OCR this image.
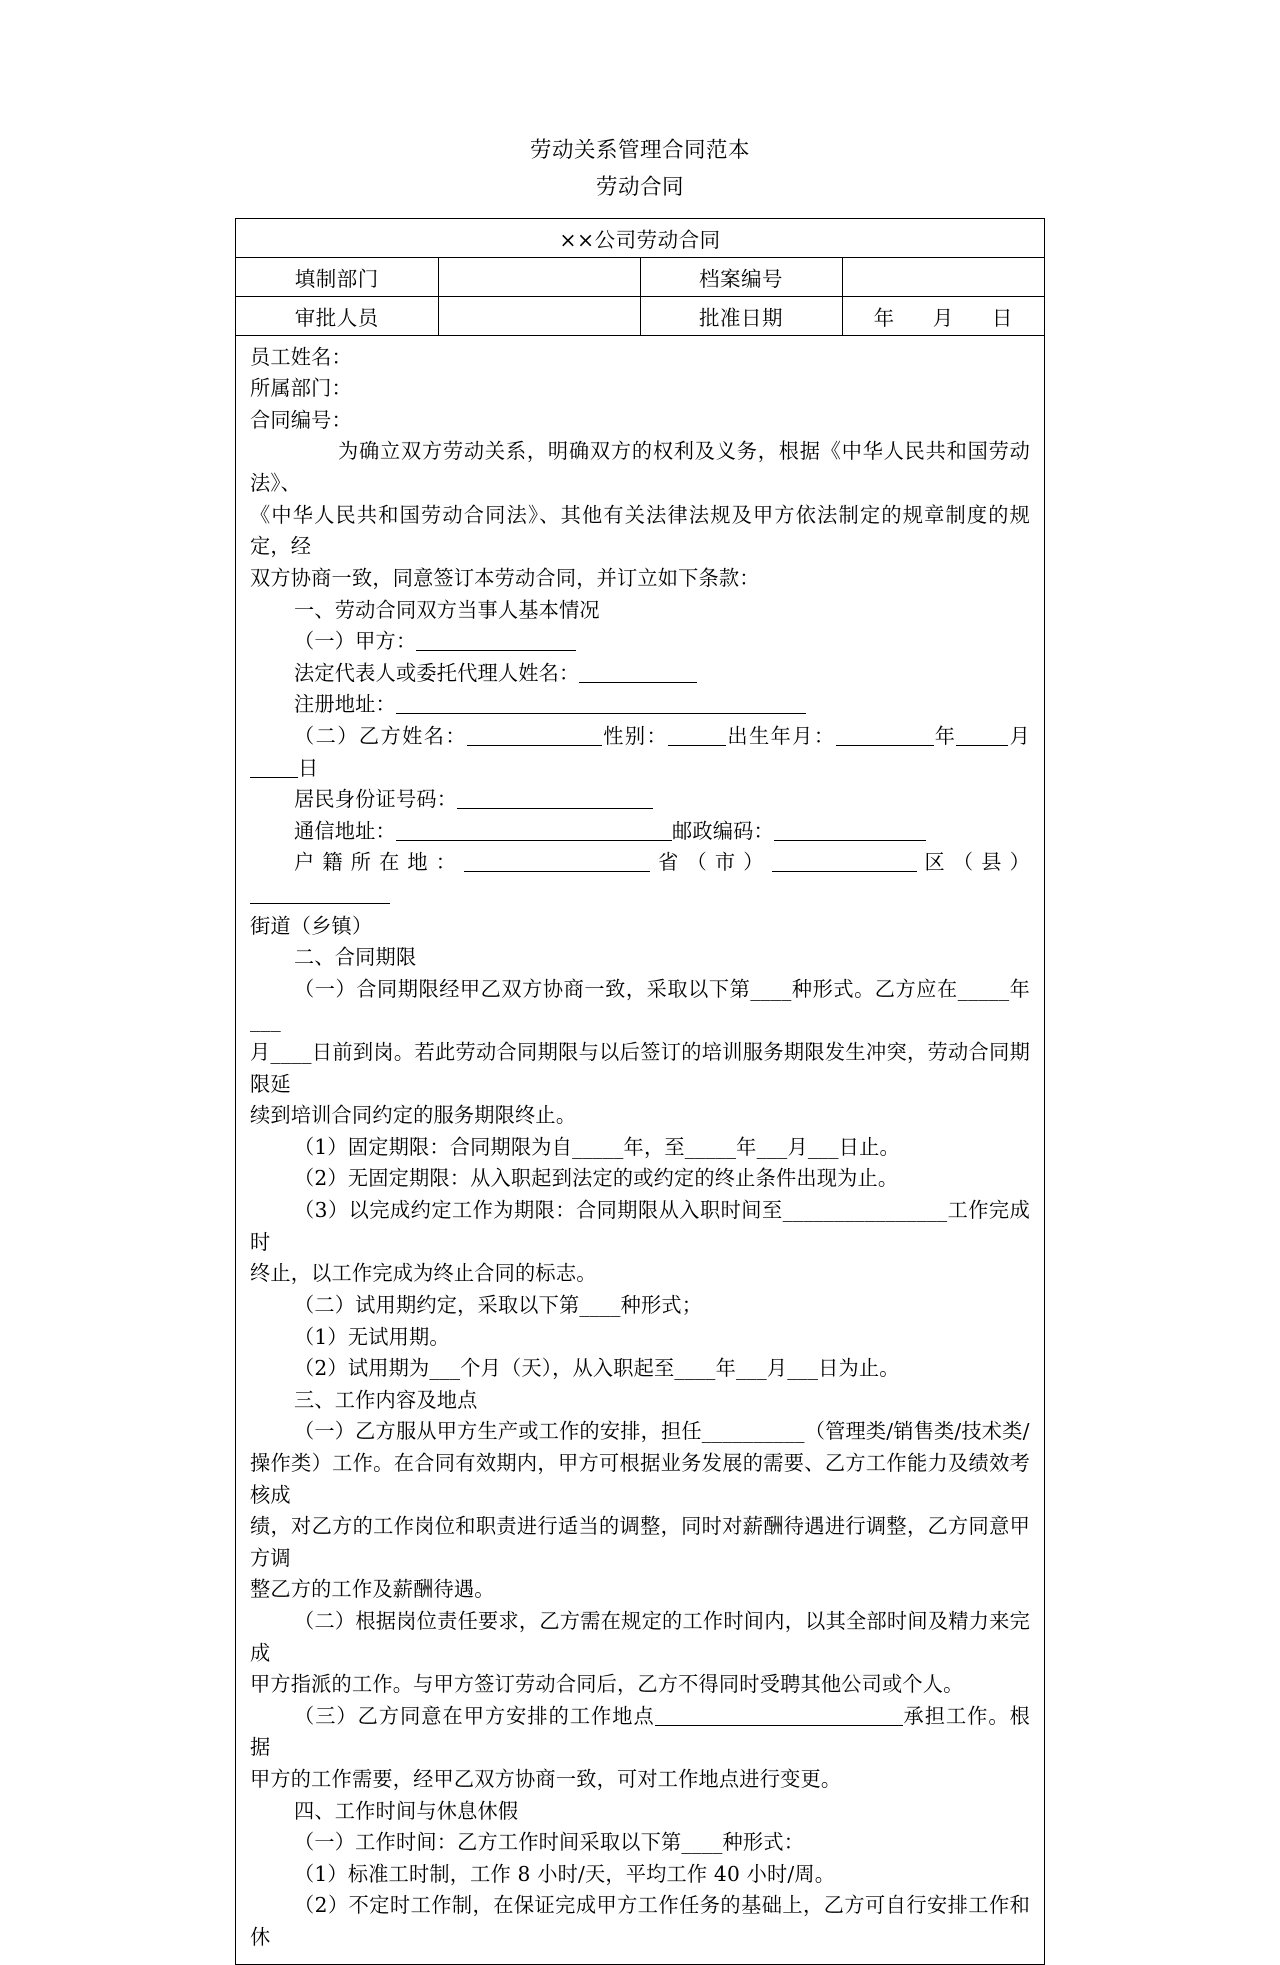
劳动关系管理合同范本
劳动合同
××公司劳动合同			
填制部门		档案编号	
审批人员		批准日期	年 月 日

员工姓名：

所属部门：

合同编号：

为确立双方劳动关系，明确双方的权利及义务，根据《中华人民共和国劳动法》、

《中华人民共和国劳动合同法》、其他有关法律法规及甲方依法制定的规章制度的规定，经

双方协商一致，同意签订本劳动合同，并订立如下条款：

一、劳动合同双方当事人基本情况

（一）甲方：

法定代表人或委托代理人姓名：

注册地址：

（二）乙方姓名：	性别：	出生年月：	年	月日

居民身份证号码：

通信地址：	邮政编码：

户籍所在地：	省（市）	区（县）

街道（乡镇）

二、合同期限

（一）合同期限经甲乙双方协商一致，采取以下第____种形式。乙方应在_____年___

月____日前到岗。若此劳动合同期限与以后签订的培训服务期限发生冲突，劳动合同期限延

续到培训合同约定的服务期限终止。

（1）固定期限：合同期限为自_____年，至_____年___月___日止。

（2）无固定期限：从入职起到法定的或约定的终止条件出现为止。

（3）以完成约定工作为期限：合同期限从入职时间至________________工作完成时

终止，以工作完成为终止合同的标志。

（二）试用期约定，采取以下第____种形式；

（1）无试用期。

（2）试用期为___个月（天），从入职起至____年___月___日为止。

三、工作内容及地点

（一）乙方服从甲方生产或工作的安排，担任__________（管理类/销售类/技术类/

操作类）工作。在合同有效期内，甲方可根据业务发展的需要、乙方工作能力及绩效考核成

绩，对乙方的工作岗位和职责进行适当的调整，同时对薪酬待遇进行调整，乙方同意甲方调

整乙方的工作及薪酬待遇。

（二）根据岗位责任要求，乙方需在规定的工作时间内，以其全部时间及精力来完成

甲方指派的工作。与甲方签订劳动合同后，乙方不得同时受聘其他公司或个人。

（三）乙方同意在甲方安排的工作地点	承担工作。根据

甲方的工作需要，经甲乙双方协商一致，可对工作地点进行变更。

四、工作时间与休息休假

（一）工作时间：乙方工作时间采取以下第____种形式：

（1）标准工时制，工作 8 小时/天，平均工作 40 小时/周。

（2）不定时工作制，在保证完成甲方工作任务的基础上，乙方可自行安排工作和休
